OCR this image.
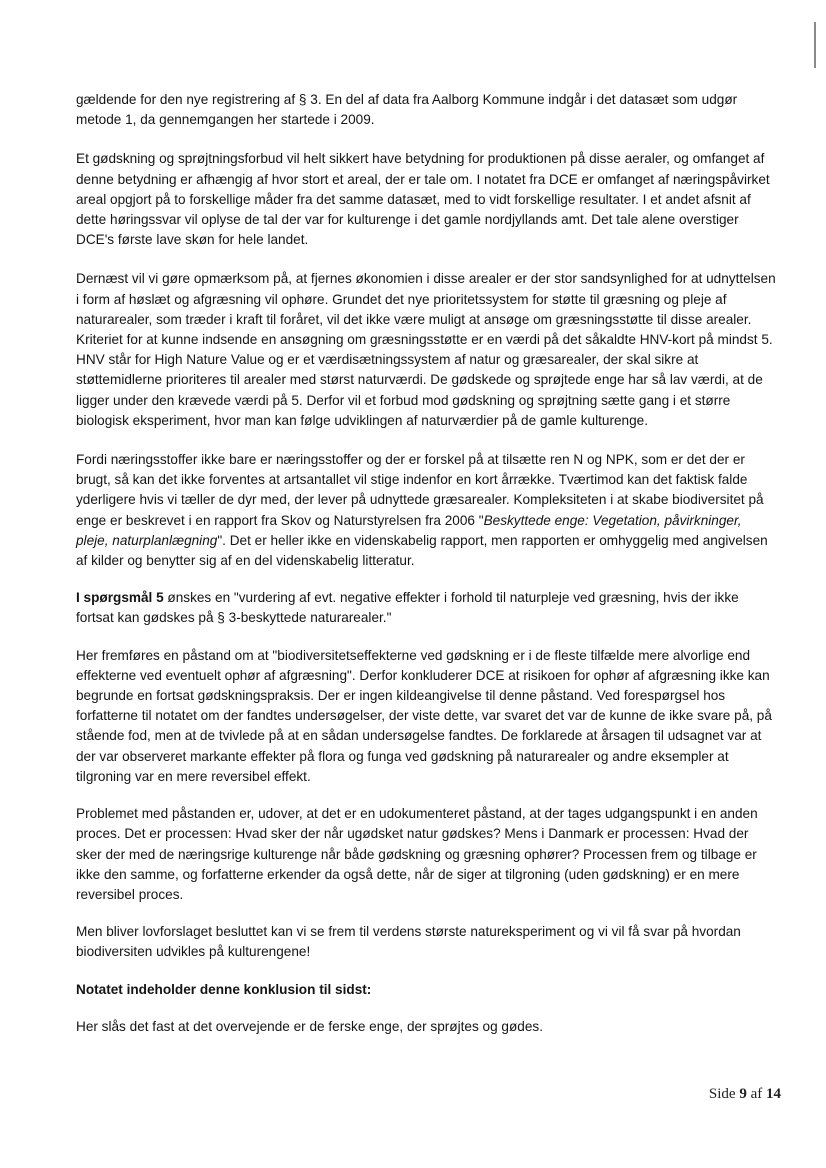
gældende for den nye registrering af § 3. En del af data fra Aalborg Kommune indgår i det datasæt som udgør metode 1, da gennemgangen her startede i 2009.

Et gødskning og sprøjtningsforbud vil helt sikkert have betydning for produktionen på disse aeraler, og omfanget af denne betydning er afhængig af hvor stort et areal, der er tale om. I notatet fra DCE er omfanget af næringspåvirket areal opgjort på to forskellige måder fra det samme datasæt, med to vidt forskellige resultater. I et andet afsnit af dette høringssvar vil oplyse de tal der var for kulturenge i det gamle nordjyllands amt. Det tale alene overstiger DCE's første lave skøn for hele landet.

Dernæst vil vi gøre opmærksom på, at fjernes økonomien i disse arealer er der stor sandsynlighed for at udnyttelsen i form af høslæt og afgræsning vil ophøre. Grundet det nye prioritetssystem for støtte til græsning og pleje af naturarealer, som træder i kraft til foråret, vil det ikke være muligt at ansøge om græsningsstøtte til disse arealer. Kriteriet for at kunne indsende en ansøgning om græsningsstøtte er en værdi på det såkaldte HNV-kort på mindst 5. HNV står for High Nature Value og er et værdisætningssystem af natur og græsarealer, der skal sikre at støttemidlerne prioriteres til arealer med størst naturværdi. De gødskede og sprøjtede enge har så lav værdi, at de ligger under den krævede værdi på 5. Derfor vil et forbud mod gødskning og sprøjtning sætte gang i et større biologisk eksperiment, hvor man kan følge udviklingen af naturværdier på de gamle kulturenge.

Fordi næringsstoffer ikke bare er næringsstoffer og der er forskel på at tilsætte ren N og NPK, som er det der er brugt, så kan det ikke forventes at artsantallet vil stige indenfor en kort årrække. Tværtimod kan det faktisk falde yderligere hvis vi tæller de dyr med, der lever på udnyttede græsarealer. Kompleksiteten i at skabe biodiversitet på enge er beskrevet i en rapport fra Skov og Naturstyrelsen fra 2006 "Beskyttede enge: Vegetation, påvirkninger, pleje, naturplanlægning". Det er heller ikke en videnskabelig rapport, men rapporten er omhyggelig med angivelsen af kilder og benytter sig af en del videnskabelig litteratur.

I spørgsmål 5 ønskes en "vurdering af evt. negative effekter i forhold til naturpleje ved græsning, hvis der ikke fortsat kan gødskes på § 3-beskyttede naturarealer."

Her fremføres en påstand om at "biodiversitetseffekterne ved gødskning er i de fleste tilfælde mere alvorlige end effekterne ved eventuelt ophør af afgræsning". Derfor konkluderer DCE at risikoen for ophør af afgræsning ikke kan begrunde en fortsat gødskningspraksis. Der er ingen kildeangivelse til denne påstand. Ved forespørgsel hos forfatterne til notatet om der fandtes undersøgelser, der viste dette, var svaret det var de kunne de ikke svare på, på stående fod, men at de tvivlede på at en sådan undersøgelse fandtes. De forklarede at årsagen til udsagnet var at der var observeret markante effekter på flora og funga ved gødskning på naturarealer og andre eksempler at tilgroning var en mere reversibel effekt.

Problemet med påstanden er, udover, at det er en udokumenteret påstand, at der tages udgangspunkt i en anden proces. Det er processen: Hvad sker der når ugødsket natur gødskes? Mens i Danmark er processen: Hvad der sker der med de næringsrige kulturenge når både gødskning og græsning ophører? Processen frem og tilbage er ikke den samme, og forfatterne erkender da også dette, når de siger at tilgroning (uden gødskning) er en mere reversibel proces.

Men bliver lovforslaget besluttet kan vi se frem til verdens største natureksperiment og vi vil få svar på hvordan biodiversiten udvikles på kulturengene!

Notatet indeholder denne konklusion til sidst:

Her slås det fast at det overvejende er de ferske enge, der sprøjtes og gødes.

Side 9 af 14
